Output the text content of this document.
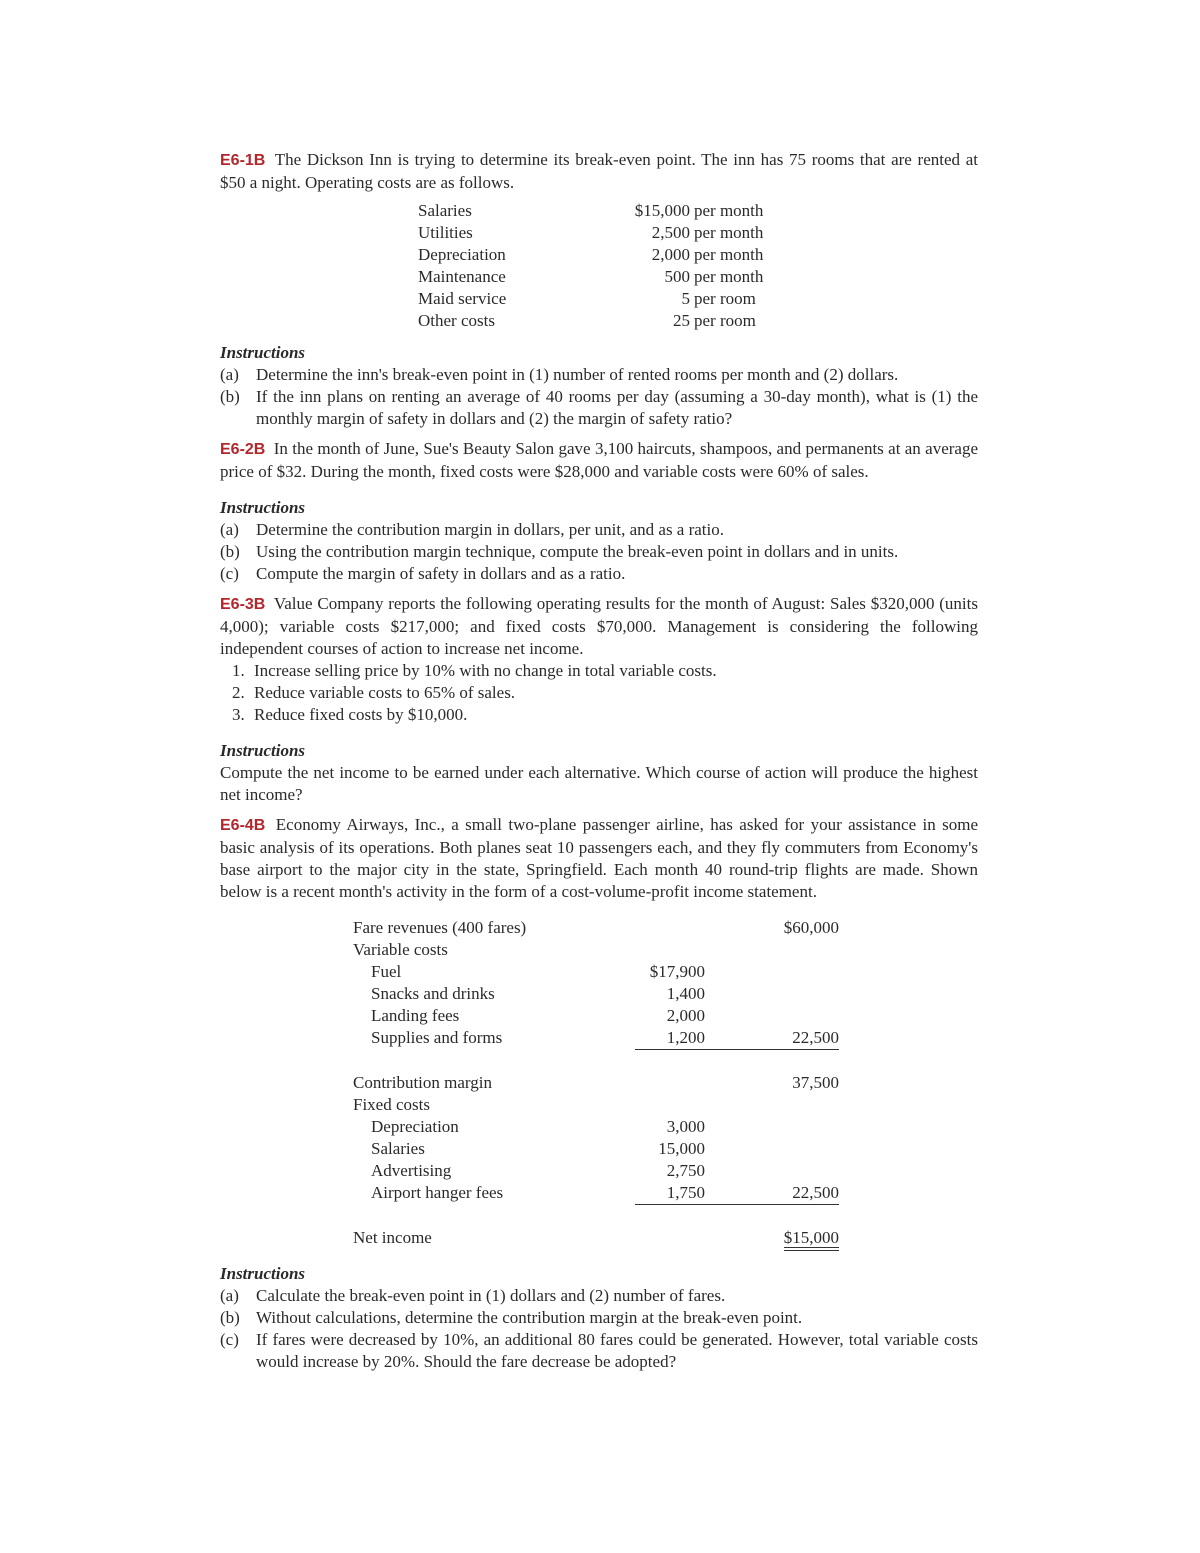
E6-1B The Dickson Inn is trying to determine its break-even point. The inn has 75 rooms that are rented at $50 a night. Operating costs are as follows.

Salaries	$15,000	per month
Utilities	2,500	per month
Depreciation	2,000	per month
Maintenance	500	per month
Maid service	5	per room
Other costs	25	per room

Instructions

(a)	Determine the inn's break-even point in (1) number of rented rooms per month and (2) dollars.
(b) If the inn plans on renting an average of 40 rooms per day (assuming a 30-day month), what is (1) the monthly margin of safety in dollars and (2) the margin of safety ratio?

E6-2B In the month of June, Sue's Beauty Salon gave 3,100 haircuts, shampoos, and permanents at an average price of $32. During the month, fixed costs were $28,000 and variable costs were 60% of sales.

Instructions

(a)	Determine the contribution margin in dollars, per unit, and as a ratio.
(b) Using the contribution margin technique, compute the break-even point in dollars and in units.
(c)	Compute the margin of safety in dollars and as a ratio.

E6-3B Value Company reports the following operating results for the month of August: Sales $320,000 (units 4,000); variable costs $217,000; and fixed costs $70,000. Management is considering the following independent courses of action to increase net income.

1. Increase selling price by 10% with no change in total variable costs.
2. Reduce variable costs to 65% of sales.
3. Reduce fixed costs by $10,000.

Instructions

Compute the net income to be earned under each alternative. Which course of action will produce the highest net income?

E6-4B Economy Airways, Inc., a small two-plane passenger airline, has asked for your assistance in some basic analysis of its operations. Both planes seat 10 passengers each, and they fly commuters from Economy's base airport to the major city in the state, Springfield. Each month 40 round-trip flights are made. Shown below is a recent month's activity in the form of a cost-volume-profit income statement.

Fare revenues (400 fares)		$60,000
Variable costs		
Fuel	$17,900	
Snacks and drinks	1,400	
Landing fees	2,000	
Supplies and forms	1,200	22,500

Contribution margin		37,500
Fixed costs		
Depreciation	3,000	
Salaries	15,000	
Advertising	2,750	
Airport hanger fees	1,750	22,500

Net income		$15,000

Instructions

(a)	Calculate the break-even point in (1) dollars and (2) number of fares.
(b) Without calculations, determine the contribution margin at the break-even point.
(c)	If fares were decreased by 10%, an additional 80 fares could be generated. However, total variable costs would increase by 20%. Should the fare decrease be adopted?
